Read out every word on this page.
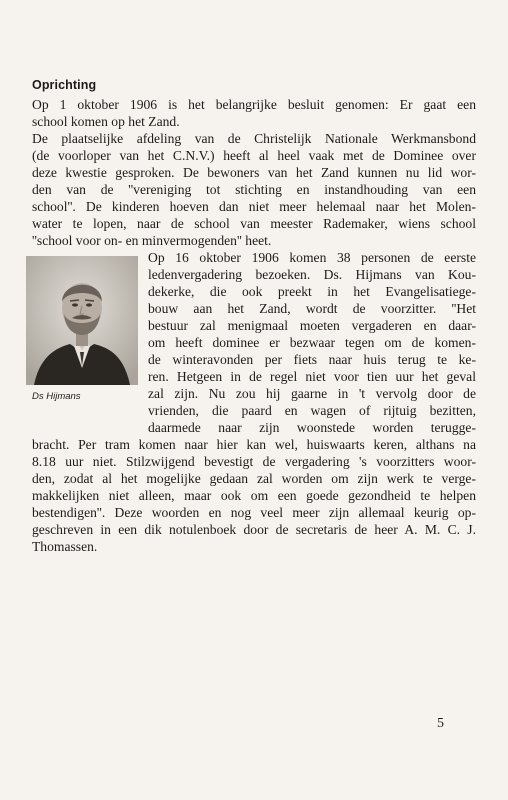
Oprichting
Op 1 oktober 1906 is het belangrijke besluit genomen: Er gaat een
school komen op het Zand.
De plaatselijke afdeling van de Christelijk Nationale Werkmansbond
(de voorloper van het C.N.V.) heeft al heel vaak met de Dominee over
deze kwestie gesproken. De bewoners van het Zand kunnen nu lid wor-
den van de ''vereniging tot stichting en instandhouding van een
school''. De kinderen hoeven dan niet meer helemaal naar het Molen-
water te lopen, naar de school van meester Rademaker, wiens school
''school voor on- en minvermogenden'' heet.
Ds Hijmans
Op 16 oktober 1906 komen 38 personen de eerste
ledenvergadering bezoeken. Ds. Hijmans van Kou-
dekerke, die ook preekt in het Evangelisatiege-
bouw aan het Zand, wordt de voorzitter. ''Het
bestuur zal menigmaal moeten vergaderen en daar-
om heeft dominee er bezwaar tegen om de komen-
de winteravonden per fiets naar huis terug te ke-
ren. Hetgeen in de regel niet voor tien uur het geval
zal zijn. Nu zou hij gaarne in 't vervolg door de
vrienden, die paard en wagen of rijtuig bezitten,
daarmede naar zijn woonstede worden terugge-
bracht. Per tram komen naar hier kan wel, huiswaarts keren, althans na
8.18 uur niet. Stilzwijgend bevestigt de vergadering 's voorzitters woor-
den, zodat al het mogelijke gedaan zal worden om zijn werk te verge-
makkelijken niet alleen, maar ook om een goede gezondheid te helpen
bestendigen''. Deze woorden en nog veel meer zijn allemaal keurig op-
geschreven in een dik notulenboek door de secretaris de heer A. M. C. J.
Thomassen.
5
